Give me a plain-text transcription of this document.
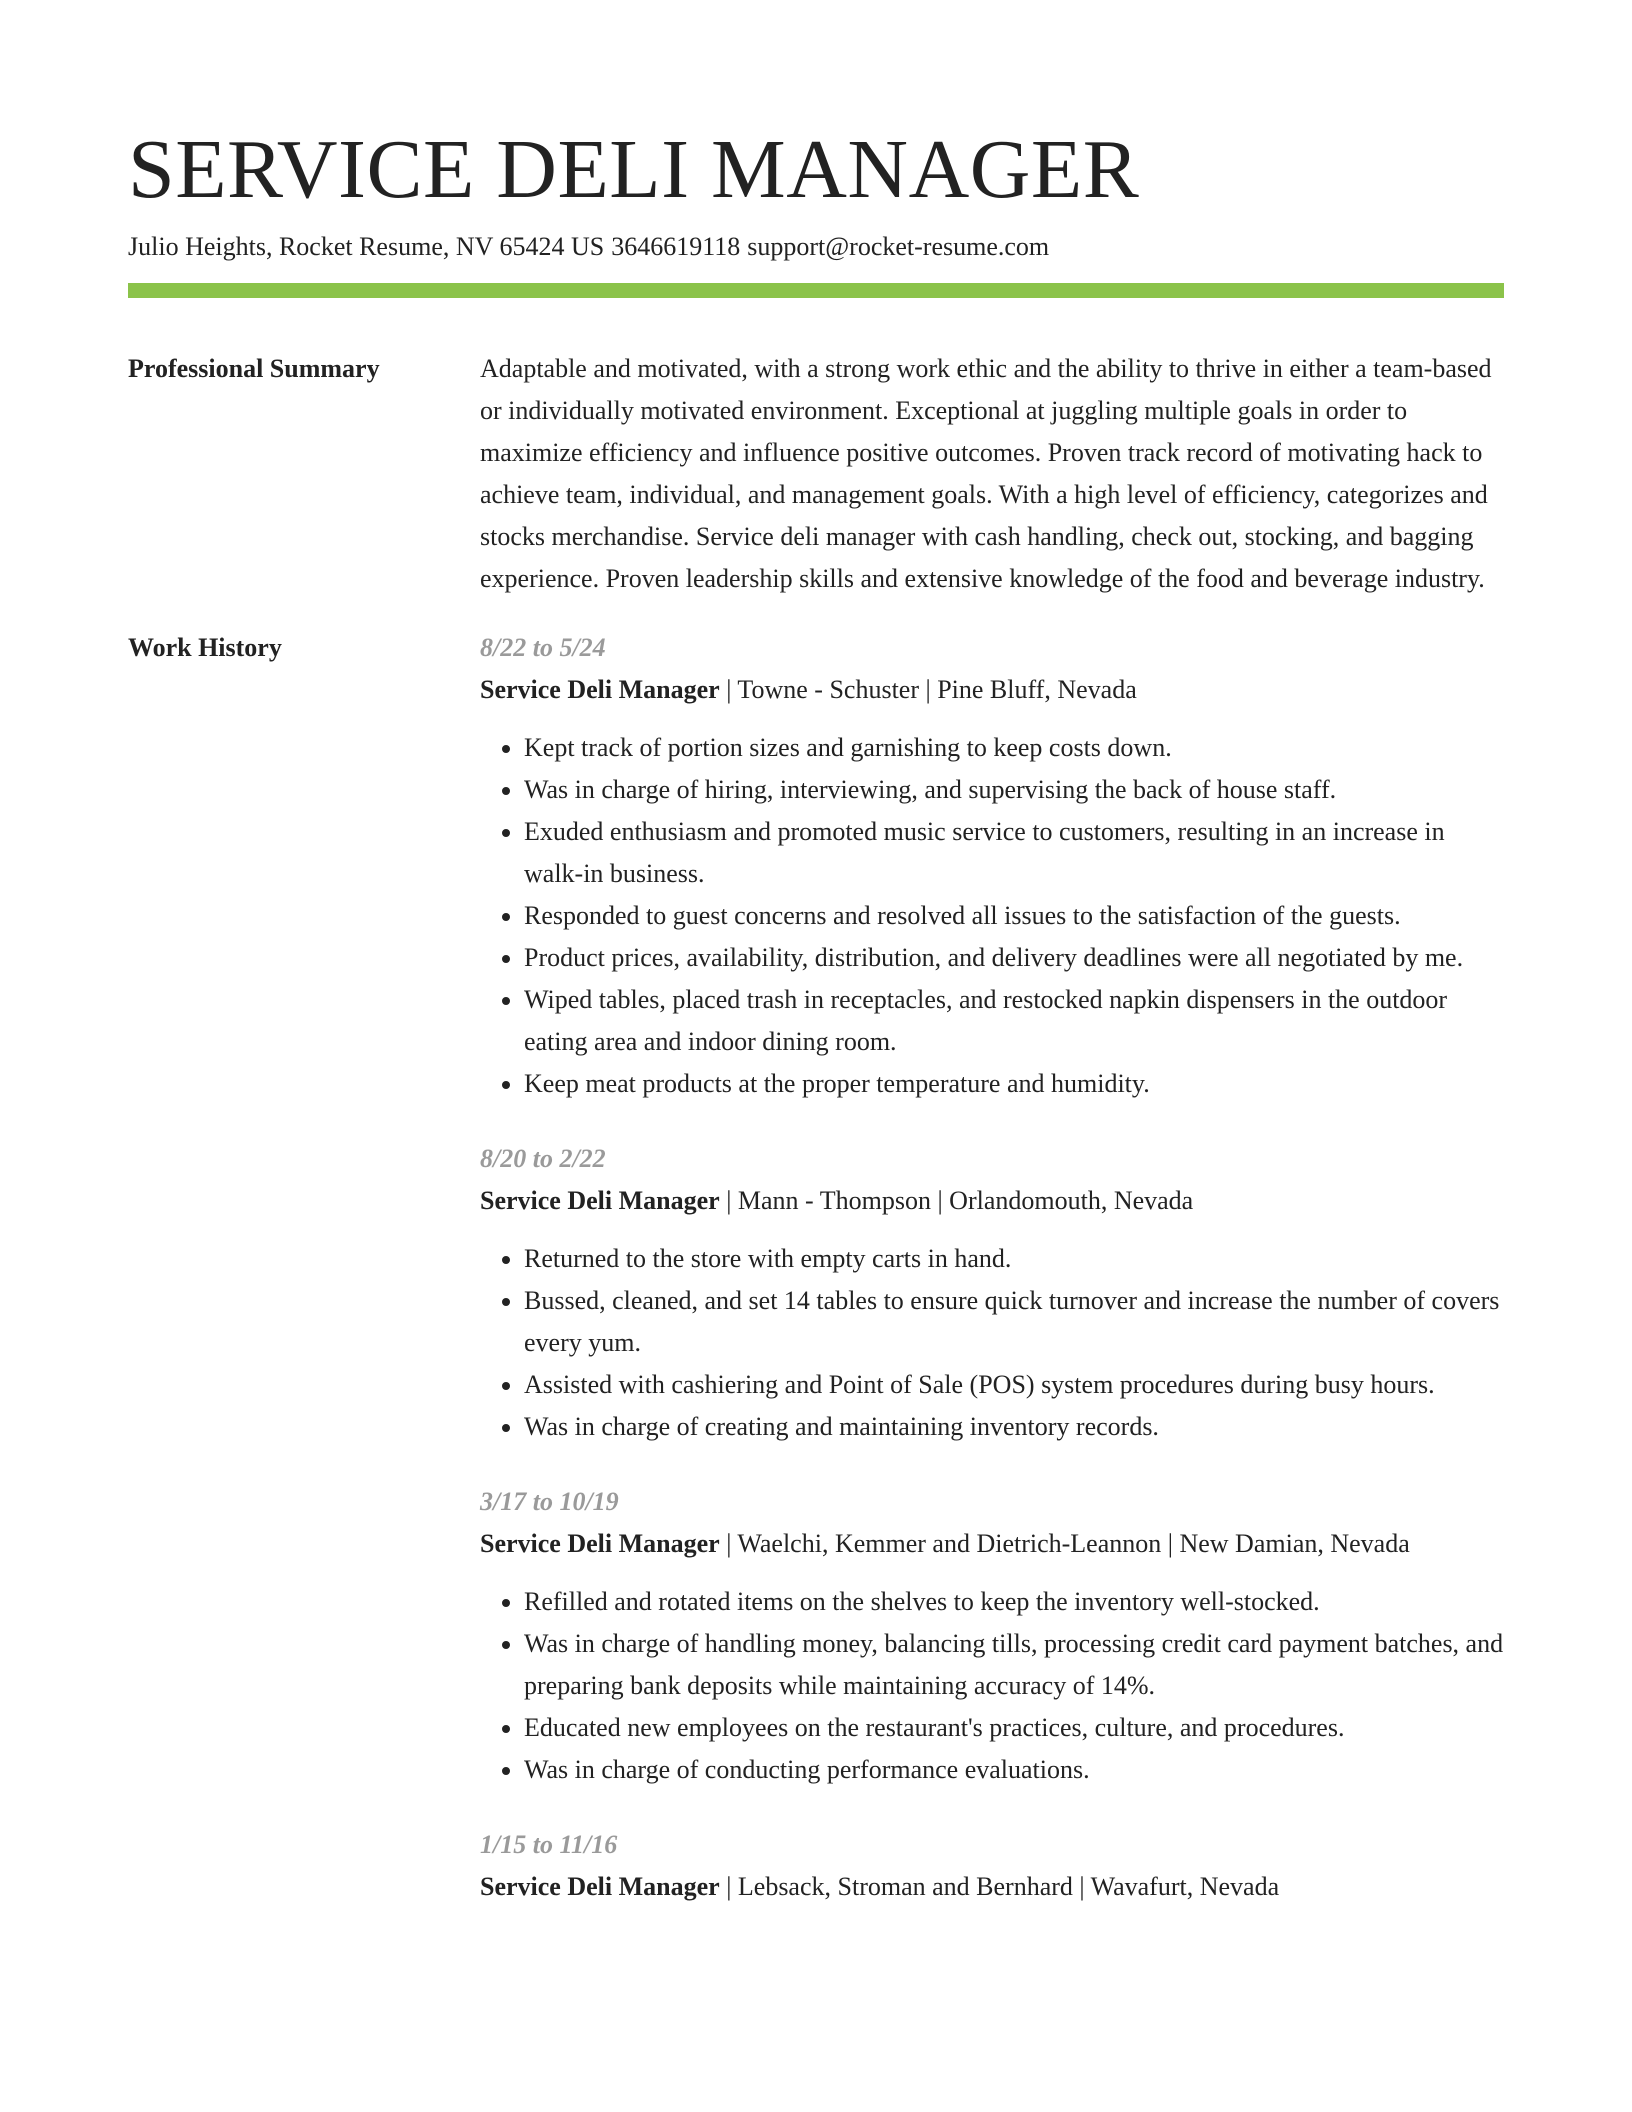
SERVICE DELI MANAGER
Julio Heights, Rocket Resume, NV 65424 US 3646619118 support@rocket-resume.com
Professional Summary	Adaptable and motivated, with a strong work ethic and the ability to thrive in either a team-based or individually motivated environment. Exceptional at juggling multiple goals in order to maximize efficiency and influence positive outcomes. Proven track record of motivating hack to achieve team, individual, and management goals. With a high level of efficiency, categorizes and stocks merchandise. Service deli manager with cash handling, check out, stocking, and bagging experience. Proven leadership skills and extensive knowledge of the food and beverage industry.

Work History	8/22 to 5/24
Service Deli Manager | Towne - Schuster | Pine Bluff, Nevada
• Kept track of portion sizes and garnishing to keep costs down.
• Was in charge of hiring, interviewing, and supervising the back of house staff.
• Exuded enthusiasm and promoted music service to customers, resulting in an increase in walk-in business.
• Responded to guest concerns and resolved all issues to the satisfaction of the guests.
• Product prices, availability, distribution, and delivery deadlines were all negotiated by me.
• Wiped tables, placed trash in receptacles, and restocked napkin dispensers in the outdoor eating area and indoor dining room.
• Keep meat products at the proper temperature and humidity.
8/20 to 2/22
Service Deli Manager | Mann - Thompson | Orlandomouth, Nevada
• Returned to the store with empty carts in hand.
• Bussed, cleaned, and set 14 tables to ensure quick turnover and increase the number of covers every yum.
• Assisted with cashiering and Point of Sale (POS) system procedures during busy hours.
• Was in charge of creating and maintaining inventory records.
3/17 to 10/19
Service Deli Manager | Waelchi, Kemmer and Dietrich-Leannon | New Damian, Nevada
• Refilled and rotated items on the shelves to keep the inventory well-stocked.
• Was in charge of handling money, balancing tills, processing credit card payment batches, and preparing bank deposits while maintaining accuracy of 14%.
• Educated new employees on the restaurant's practices, culture, and procedures.
• Was in charge of conducting performance evaluations.
1/15 to 11/16
Service Deli Manager | Lebsack, Stroman and Bernhard | Wavafurt, Nevada
